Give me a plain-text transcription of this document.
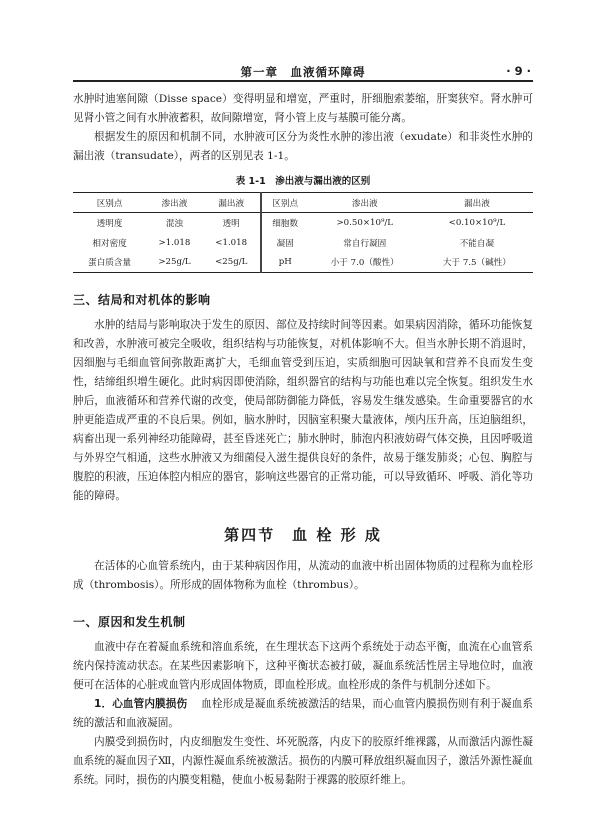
第一章　血液循环障碍	· 9 ·

水肿时迪塞间隙（Disse space）变得明显和增宽，严重时，肝细胞索萎缩，肝窦狭窄。肾水肿可见肾小管之间有水肿液蓄积，故间隙增宽，肾小管上皮与基膜可能分离。

根据发生的原因和机制不同，水肿液可区分为炎性水肿的渗出液（exudate）和非炎性水肿的漏出液（transudate），两者的区别见表 1-1。

表 1-1　渗出液与漏出液的区别
区别点	渗出液	漏出液	区别点	渗出液	漏出液
透明度	混浊	透明	细胞数	>0.50×10⁹/L	<0.10×10⁹/L
相对密度	>1.018	<1.018	凝固	常自行凝固	不能自凝
蛋白质含量	>25g/L	<25g/L	pH	小于 7.0（酸性）	大于 7.5（碱性）
三、结局和对机体的影响

水肿的结局与影响取决于发生的原因、部位及持续时间等因素。如果病因消除，循环功能恢复和改善，水肿液可被完全吸收，组织结构与功能恢复，对机体影响不大。但当水肿长期不消退时，因细胞与毛细血管间弥散距离扩大，毛细血管受到压迫，实质细胞可因缺氧和营养不良而发生变性，结缔组织增生硬化。此时病因即使消除，组织器官的结构与功能也难以完全恢复。组织发生水肿后，血液循环和营养代谢的改变，使局部防御能力降低，容易发生继发感染。生命重要器官的水肿更能造成严重的不良后果。例如，脑水肿时，因脑室积聚大量液体，颅内压升高，压迫脑组织，病畜出现一系列神经功能障碍，甚至昏迷死亡；肺水肿时，肺泡内积液妨碍气体交换，且因呼吸道与外界空气相通，这些水肿液又为细菌侵入滋生提供良好的条件，故易于继发肺炎；心包、胸腔与腹腔的积液，压迫体腔内相应的器官，影响这些器官的正常功能，可以导致循环、呼吸、消化等功能的障碍。

第四节　血 栓 形 成

在活体的心血管系统内，由于某种病因作用，从流动的血液中析出固体物质的过程称为血栓形成（thrombosis）。所形成的固体物称为血栓（thrombus）。

一、原因和发生机制

血液中存在着凝血系统和溶血系统，在生理状态下这两个系统处于动态平衡，血流在心血管系统内保持流动状态。在某些因素影响下，这种平衡状态被打破，凝血系统活性居主导地位时，血液便可在活体的心脏或血管内形成固体物质，即血栓形成。血栓形成的条件与机制分述如下。

1．心血管内膜损伤 血栓形成是凝血系统被激活的结果，而心血管内膜损伤则有利于凝血系统的激活和血液凝固。

内膜受到损伤时，内皮细胞发生变性、坏死脱落，内皮下的胶原纤维裸露，从而激活内源性凝血系统的凝血因子Ⅻ，内源性凝血系统被激活。损伤的内膜可释放组织凝血因子，激活外源性凝血系统。同时，损伤的内膜变粗糙，使血小板易黏附于裸露的胶原纤维上。
